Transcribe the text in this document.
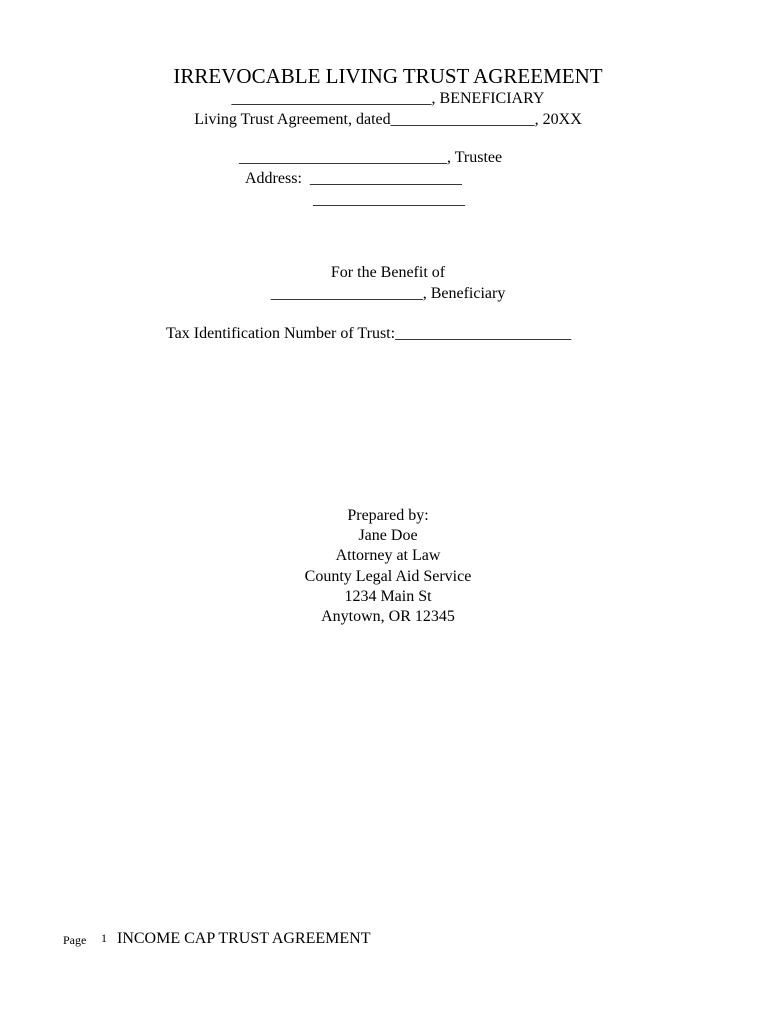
IRREVOCABLE LIVING TRUST AGREEMENT
_________________________, BENEFICIARY
Living Trust Agreement, dated__________________, 20XX
__________________________, Trustee
Address:  ___________________
___________________
For the Benefit of
___________________, Beneficiary
Tax Identification Number of Trust:______________________
Prepared by:
Jane Doe
Attorney at Law
County Legal Aid Service
1234 Main St
Anytown, OR 12345
Page 1 INCOME CAP TRUST AGREEMENT
